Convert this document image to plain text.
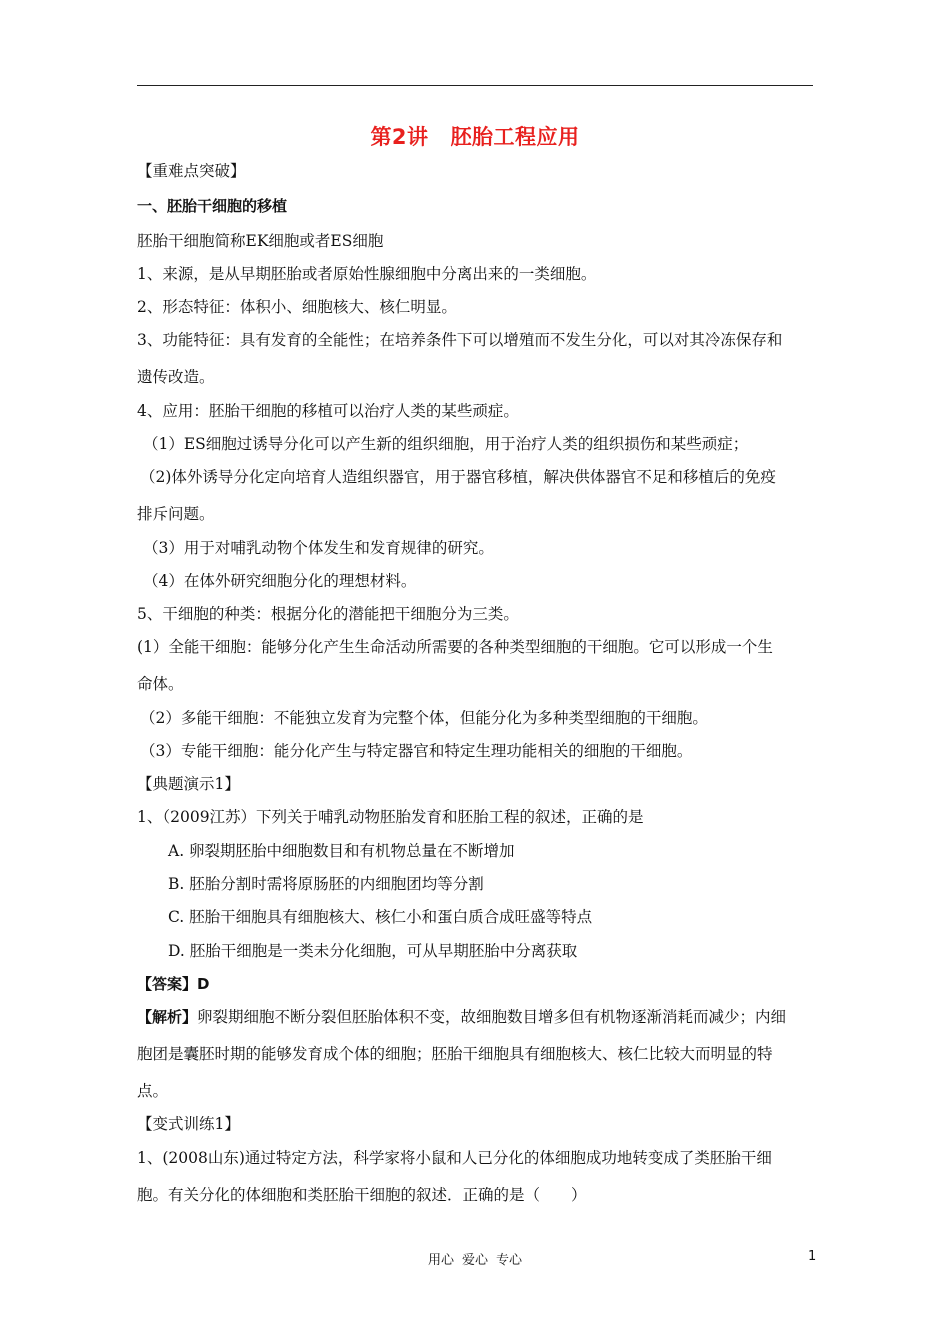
第2讲 胚胎工程应用
【重难点突破】
一、胚胎干细胞的移植
胚胎干细胞简称EK细胞或者ES细胞
1、来源，是从早期胚胎或者原始性腺细胞中分离出来的一类细胞。
2、形态特征：体积小、细胞核大、核仁明显。
3、功能特征：具有发育的全能性；在培养条件下可以增殖而不发生分化，可以对其冷冻保存和
遗传改造。
4、应用：胚胎干细胞的移植可以治疗人类的某些顽症。
（1）ES细胞过诱导分化可以产生新的组织细胞，用于治疗人类的组织损伤和某些顽症；
（2)体外诱导分化定向培育人造组织器官，用于器官移植，解决供体器官不足和移植后的免疫
排斥问题。
（3）用于对哺乳动物个体发生和发育规律的研究。
（4）在体外研究细胞分化的理想材料。
5、干细胞的种类：根据分化的潜能把干细胞分为三类。
(1）全能干细胞：能够分化产生生命活动所需要的各种类型细胞的干细胞。它可以形成一个生
命体。
（2）多能干细胞：不能独立发育为完整个体，但能分化为多种类型细胞的干细胞。
（3）专能干细胞：能分化产生与特定器官和特定生理功能相关的细胞的干细胞。
【典题演示1】
1、（2009江苏）下列关于哺乳动物胚胎发育和胚胎工程的叙述，正确的是
A. 卵裂期胚胎中细胞数目和有机物总量在不断增加
B. 胚胎分割时需将原肠胚的内细胞团均等分割
C. 胚胎干细胞具有细胞核大、核仁小和蛋白质合成旺盛等特点
D. 胚胎干细胞是一类未分化细胞，可从早期胚胎中分离获取
【答案】D
【解析】卵裂期细胞不断分裂但胚胎体积不变，故细胞数目增多但有机物逐渐消耗而减少；内细
胞团是囊胚时期的能够发育成个体的细胞；胚胎干细胞具有细胞核大、核仁比较大而明显的特
点。
【变式训练1】
1、(2008山东)通过特定方法，科学家将小鼠和人已分化的体细胞成功地转变成了类胚胎干细
胞。有关分化的体细胞和类胚胎干细胞的叙述．正确的是（　　）
用心 爱心 专心	1
